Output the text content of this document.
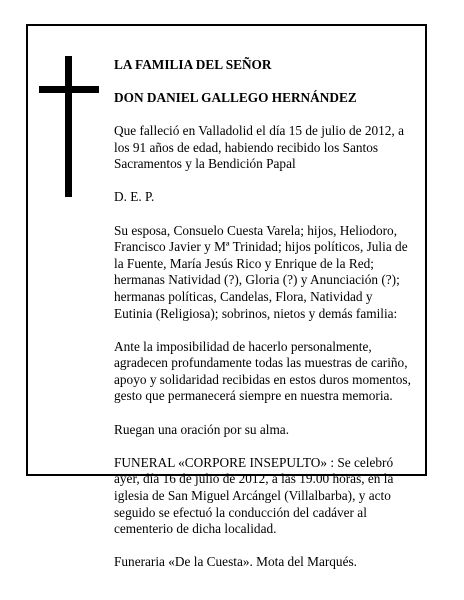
LA FAMILIA DEL SEÑOR

DON DANIEL GALLEGO HERNÁNDEZ

Que falleció en Valladolid el día 15 de julio de 2012, a
los 91 años de edad, habiendo recibido los Santos
Sacramentos y la Bendición Papal

D. E. P.

Su esposa, Consuelo Cuesta Varela; hijos, Heliodoro,
Francisco Javier y Mª Trinidad; hijos políticos, Julia de
la Fuente, María Jesús Rico y Enrique de la Red;
hermanas Natividad (?), Gloria (?) y Anunciación (?);
hermanas políticas, Candelas, Flora, Natividad y
Eutinia (Religiosa); sobrinos, nietos y demás familia:

Ante la imposibilidad de hacerlo personalmente,
agradecen profundamente todas las muestras de cariño,
apoyo y solidaridad recibidas en estos duros momentos,
gesto que permanecerá siempre en nuestra memoria.

Ruegan una oración por su alma.

FUNERAL «CORPORE INSEPULTO» : Se celebró
ayer, día 16 de julio de 2012, a las 19.00 horas, en la
iglesia de San Miguel Arcángel (Villalbarba), y acto
seguido se efectuó la conducción del cadáver al
cementerio de dicha localidad.

Funeraria «De la Cuesta». Mota del Marqués.
